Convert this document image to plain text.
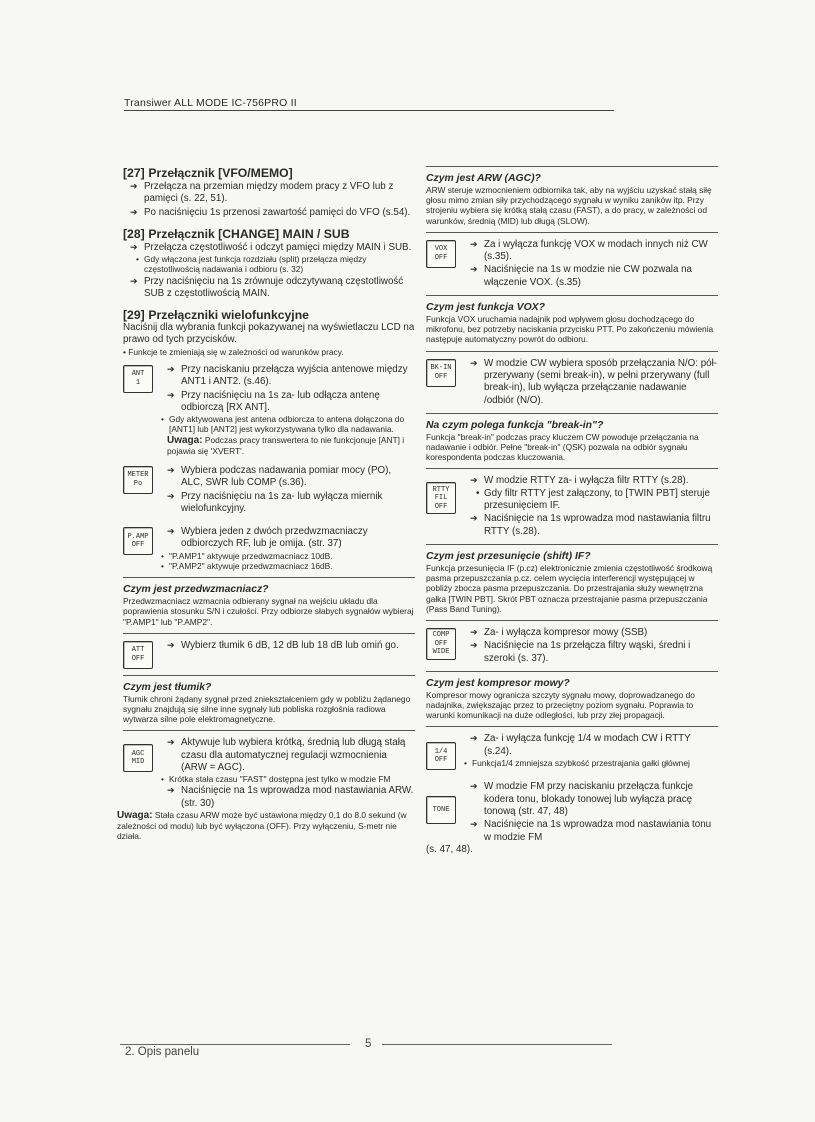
Transiwer ALL MODE IC-756PRO II

[27] Przełącznik [VFO/MEMO]

➔ Przełącza na przemian między modem pracy z VFO lub z pamięci (s. 22, 51).

➔ Po naciśnięciu 1s przenosi zawartość pamięci do VFO (s.54).

[28] Przełącznik [CHANGE] MAIN / SUB

➔ Przełącza częstotliwość i odczyt pamięci między MAIN i SUB.

• Gdy włączona jest funkcja rozdziału (split) przełącza między częstotliwością nadawania i odbioru (s. 32)

➔ Przy naciśnięciu na 1s zrównuje odczytywaną częstotliwość SUB z częstotliwością MAIN.

[29] Przełączniki wielofunkcyjne

Naciśnij dla wybrania funkcji pokazywanej na wyświetlaczu LCD na prawo od tych przycisków.

• Funkcje te zmieniają się w zależności od warunków pracy.

ANT
1

➔ Przy naciskaniu przełącza wyjścia antenowe między ANT1 i ANT2. (s.46).

➔ Przy naciśnięciu na 1s za- lub odłącza antenę odbiorczą [RX ANT].

• Gdy aktywowana jest antena odbiorcza to antena dołączona do [ANT1] lub [ANT2] jest wykorzystywana tylko dla nadawania.

Uwaga: Podczas pracy transwertera to nie funkcjonuje [ANT] i pojawia się 'XVERT'.

METER
Po

➔ Wybiera podczas nadawania pomiar mocy (PO), ALC, SWR lub COMP (s.36).

➔ Przy naciśnięciu na 1s za- lub wyłącza miernik wielofunkcyjny.

P.AMP
OFF

➔ Wybiera jeden z dwóch przedwzmacniaczy odbiorczych RF, lub je omija. (str. 37)

• "P.AMP1" aktywuje przedwzmacniacz 10dB.

• "P.AMP2" aktywuje przedwzmacniacz 16dB.

Czym jest przedwzmacniacz?

Przedwzmacniacz wzmacnia odbierany sygnał na wejściu układu dla poprawienia stosunku S/N i czułości. Przy odbiorze słabych sygnałów wybieraj "P.AMP1" lub "P.AMP2".

ATT
OFF

➔ Wybierz tłumik 6 dB, 12 dB lub 18 dB lub omiń go.

Czym jest tłumik?

Tłumik chroni żądany sygnał przed zniekształceniem gdy w pobliżu żądanego sygnału znajdują się silne inne sygnały lub pobliska rozgłośnia radiowa wytwarza silne pole elektromagnetyczne.

AGC
MID

➔ Aktywuje lub wybiera krótką, średnią lub długą stałą czasu dla automatycznej regulacji wzmocnienia (ARW = AGC).

• Krótka stała czasu "FAST" dostępna jest tylko w modzie FM

➔ Naciśnięcie na 1s wprowadza mod nastawiania ARW. (str. 30)

Uwaga: Stała czasu ARW może być ustawiona między 0,1 do 8.0 sekund (w zależności od modu) lub być wyłączona (OFF). Przy wyłączeniu, S-metr nie działa.

Czym jest ARW (AGC)?

ARW steruje wzmocnieniem odbiornika tak, aby na wyjściu uzyskać stałą siłę głosu mimo zmian siły przychodzącego sygnału w wyniku zaników itp. Przy strojeniu wybiera się krótką stałą czasu (FAST), a do pracy, w zależności od warunków, średnią (MID) lub długą (SLOW).

VOX
OFF

➔ Za i wyłącza funkcję VOX w modach innych niż CW (s.35).

➔ Naciśnięcie na 1s w modzie nie CW pozwala na włączenie VOX. (s.35)

Czym jest funkcja VOX?

Funkcja VOX uruchamia nadajnik pod wpływem głosu dochodzącego do mikrofonu, bez potrzeby naciskania przycisku PTT. Po zakończeniu mówienia następuje automatyczny powrót do odbioru.

BK-IN
OFF

➔ W modzie CW wybiera sposób przełączania N/O: pół-przerywany (semi break-in), w pełni przerywany (full break-in), lub wyłącza przełączanie nadawanie /odbiór (N/O).

Na czym polega funkcja "break-in"?

Funkcja "break-in" podczas pracy kluczem CW powoduje przełączania na nadawanie i odbiór. Pełne "break-in" (QSK) pozwala na odbiór sygnału korespondenta podczas kluczowania.

RTTY
FIL
OFF

➔ W modzie RTTY za- i wyłącza filtr RTTY (s.28).

• Gdy filtr RTTY jest załączony, to [TWIN PBT] steruje przesunięciem IF.

➔ Naciśnięcie na 1s wprowadza mod nastawiania filtru RTTY (s.28).

Czym jest przesunięcie (shift) IF?

Funkcja przesunięcia IF (p.cz) elektronicznie zmienia częstotliwość środkową pasma przepuszczania p.cz. celem wycięcia interferencji występującej w pobliży zbocza pasma przepuszczania. Do przestrajania służy wewnętrzna gałka [TWIN PBT]. Skrót PBT oznacza przestrajanie pasma przepuszczania (Pass Band Tuning).

COMP
OFF
WIDE

➔ Za- i wyłącza kompresor mowy (SSB)

➔ Naciśnięcie na 1s przełącza filtry wąski, średni i szeroki (s. 37).

Czym jest kompresor mowy?

Kompresor mowy ogranicza szczyty sygnału mowy, doprowadzanego do nadajnika, zwiększając przez to przeciętny poziom sygnału. Poprawia to warunki komunikacji na duże odległości, lub przy złej propagacji.

1/4
OFF

➔ Za- i wyłącza funkcję 1/4 w modach CW i RTTY (s.24).

• Funkcja1/4 zmniejsza szybkość przestrajania gałki głównej

TONE

➔ W modzie FM przy naciskaniu przełącza funkcje kodera tonu, blokady tonowej lub wyłącza pracę tonową (str. 47, 48)

➔ Naciśnięcie na 1s wprowadza mod nastawiania tonu w modzie FM

(s. 47, 48).

2. Opis panelu
5
